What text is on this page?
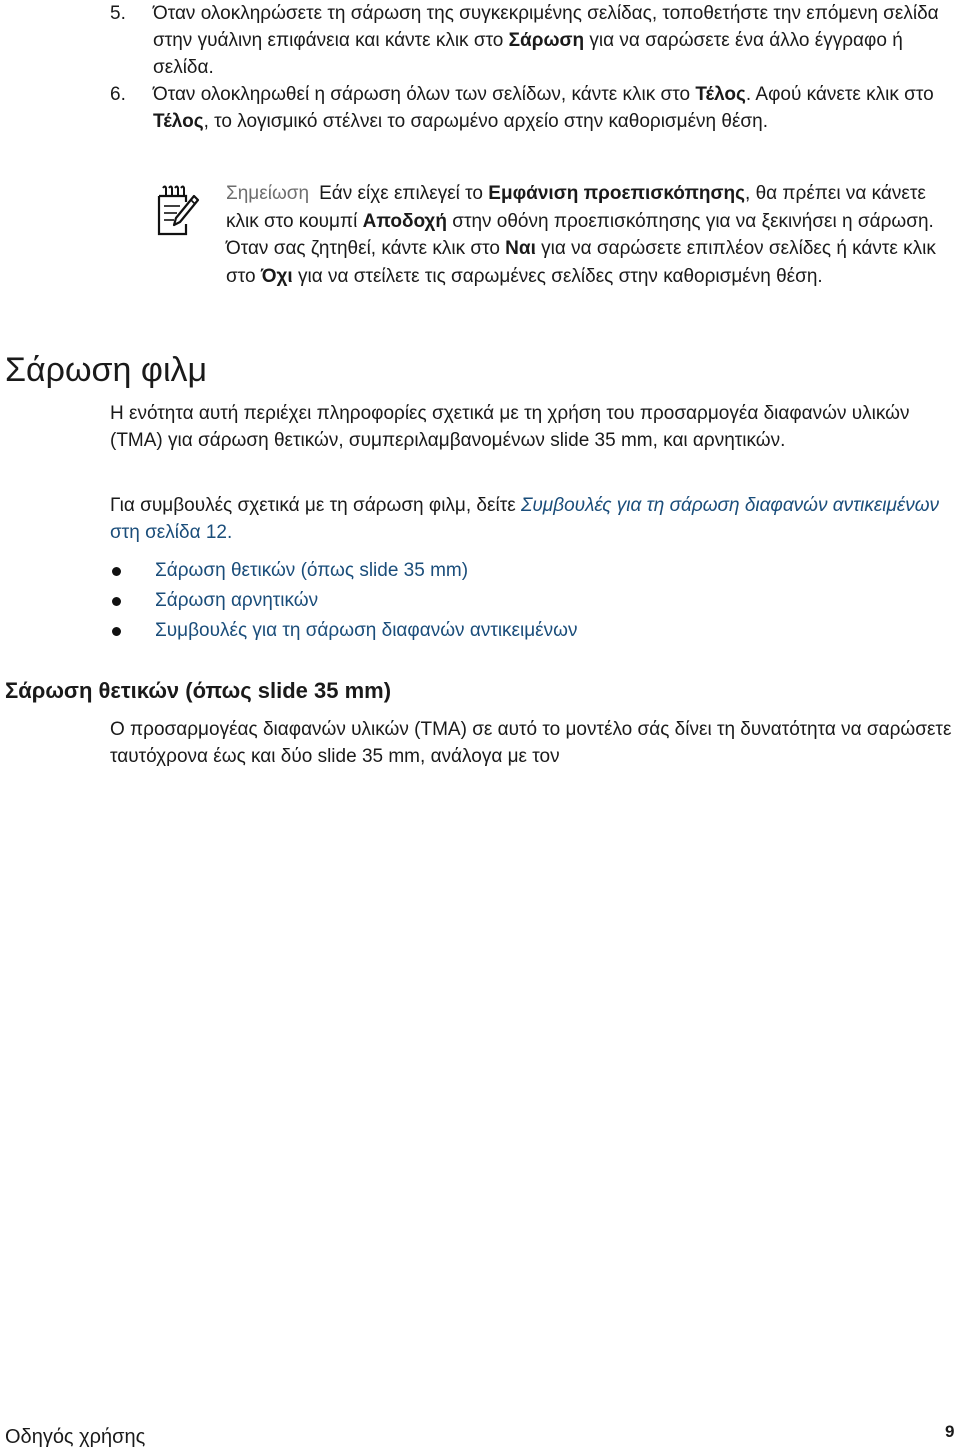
5. Όταν ολοκληρώσετε τη σάρωση της συγκεκριμένης σελίδας, τοποθετήστε την επόμενη σελίδα στην γυάλινη επιφάνεια και κάντε κλικ στο Σάρωση για να σαρώσετε ένα άλλο έγγραφο ή σελίδα.
6. Όταν ολοκληρωθεί η σάρωση όλων των σελίδων, κάντε κλικ στο Τέλος. Αφού κάνετε κλικ στο Τέλος, το λογισμικό στέλνει το σαρωμένο αρχείο στην καθορισμένη θέση.
Σημείωση Εάν είχε επιλεγεί το Εμφάνιση προεπισκόπησης, θα πρέπει να κάνετε κλικ στο κουμπί Αποδοχή στην οθόνη προεπισκόπησης για να ξεκινήσει η σάρωση. Όταν σας ζητηθεί, κάντε κλικ στο Ναι για να σαρώσετε επιπλέον σελίδες ή κάντε κλικ στο Όχι για να στείλετε τις σαρωμένες σελίδες στην καθορισμένη θέση.
Σάρωση φιλμ
Η ενότητα αυτή περιέχει πληροφορίες σχετικά με τη χρήση του προσαρμογέα διαφανών υλικών (TMA) για σάρωση θετικών, συμπεριλαμβανομένων slide 35 mm, και αρνητικών.
Για συμβουλές σχετικά με τη σάρωση φιλμ, δείτε Συμβουλές για τη σάρωση διαφανών αντικειμένων στη σελίδα 12.
Σάρωση θετικών (όπως slide 35 mm)
Σάρωση αρνητικών
Συμβουλές για τη σάρωση διαφανών αντικειμένων
Σάρωση θετικών (όπως slide 35 mm)
Ο προσαρμογέας διαφανών υλικών (TMA) σε αυτό το μοντέλο σάς δίνει τη δυνατότητα να σαρώσετε ταυτόχρονα έως και δύο slide 35 mm, ανάλογα με τον
Οδηγός χρήσης	9
